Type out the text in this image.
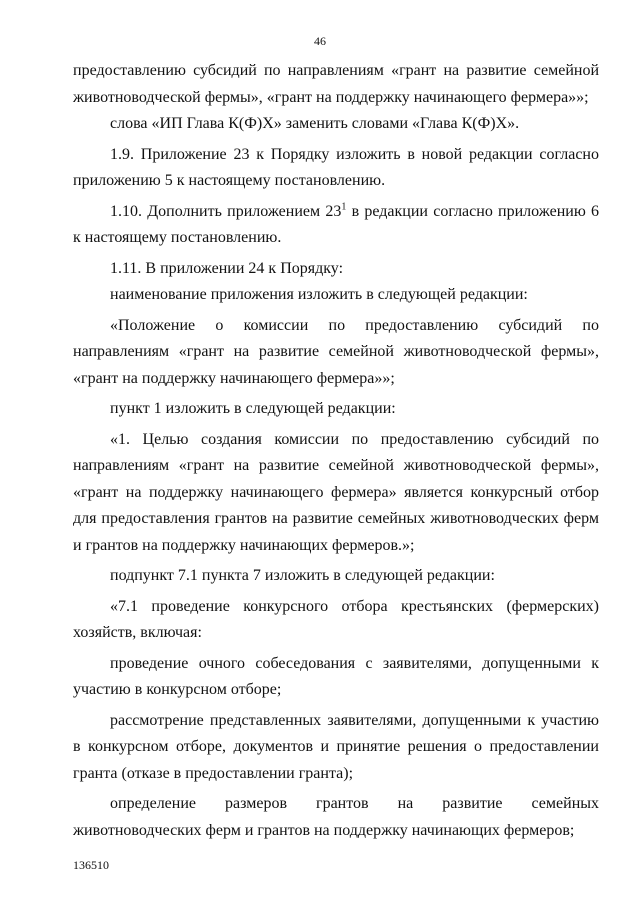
46

предоставлению субсидий по направлениям «грант на развитие семейной животноводческой фермы», «грант на поддержку начинающего фермера»»;

слова «ИП Глава К(Ф)Х» заменить словами «Глава К(Ф)Х».

1.9. Приложение 23 к Порядку изложить в новой редакции согласно приложению 5 к настоящему постановлению.

1.10. Дополнить приложением $23^1$ в редакции согласно приложению 6 к настоящему постановлению.

1.11. В приложении 24 к Порядку:

наименование приложения изложить в следующей редакции:

«Положение о комиссии по предоставлению субсидий по направлениям «грант на развитие семейной животноводческой фермы», «грант на поддержку начинающего фермера»»;

пункт 1 изложить в следующей редакции:

«1. Целью создания комиссии по предоставлению субсидий по направлениям «грант на развитие семейной животноводческой фермы», «грант на поддержку начинающего фермера» является конкурсный отбор для предоставления грантов на развитие семейных животноводческих ферм и грантов на поддержку начинающих фермеров.»;

подпункт 7.1 пункта 7 изложить в следующей редакции:

«7.1 проведение конкурсного отбора крестьянских (фермерских) хозяйств, включая:

проведение очного собеседования с заявителями, допущенными к участию в конкурсном отборе;

рассмотрение представленных заявителями, допущенными к участию в конкурсном отборе, документов и принятие решения о предоставлении гранта (отказе в предоставлении гранта);

определение размеров грантов на развитие семейных животноводческих ферм и грантов на поддержку начинающих фермеров;

136510
